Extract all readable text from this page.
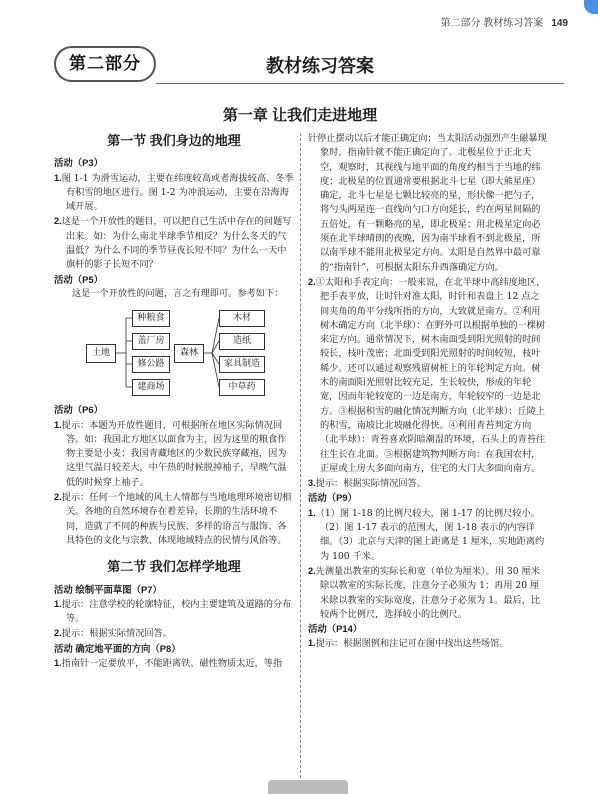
第二部分 教材练习答案 149
第二部分	教材练习答案
第一章 让我们走进地理
第一节 我们身边的地理

活动（P3）

1.图 1-1 为滑雪运动，主要在纬度较高或者海拔较高、冬季有积雪的地区进行。图 1-2 为冲浪运动，主要在沿海海域开展。

2.这是一个开放性的题目，可以把自己生活中存在的问题写出来。如：为什么南北半球季节相反？为什么冬天的气温低？为什么不同的季节昼夜长短不同？为什么一天中旗杆的影子长短不同？

活动（P5）

这是一个开放性的问题，言之有理即可。参考如下：

土地
种粮食
盖厂房
修公路
建商场
森林
木材
造纸
家具制造
中草药

活动（P6）

1.提示：本题为开放性题目，可根据所在地区实际情况回答。如：我国北方地区以面食为主，因为这里的粮食作物主要是小麦；我国青藏地区的少数民族穿藏袍，因为这里气温日较差大，中午热的时候脱掉袖子，早晚气温低的时候穿上袖子。

2.提示：任何一个地域的风土人情都与当地地理环境密切相关。各地的自然环境存在着差异，长期的生活环境不同，造就了不同的种族与民族、多样的语言与服饰、各具特色的文化与宗教、体现地域特点的民情与风俗等。

第二节 我们怎样学地理

活动 绘制平面草图（P7）

1.提示：注意学校的轮廓特征，校内主要建筑及道路的分布等。

2.提示：根据实际情况回答。

活动 确定地平面的方向（P8）

1.指南针一定要放平，不能距离铁、磁性物质太近，等指

针停止摆动以后才能正确定向；当太阳活动强烈产生磁暴现象时，指南针就不能正确定向了。北极星位于正北天空，观察时，其视线与地平面的角度约相当于当地的纬度；北极星的位置通常要根据北斗七星（即大熊星座）确定，北斗七星是七颗比较亮的星，形状像一把勺子，将勺头两星连一直线向勺口方向延长，约在两星间隔的五倍处，有一颗略亮的星，即北极星；用北极星定向必须在北半球晴朗的夜晚，因为南半球看不到北极星，所以南半球不能用北极星定方向。太阳是自然界中最可靠的“指南针”，可根据太阳东升西落确定方向。

2.①太阳和手表定向：一般来说，在北半球中高纬度地区，把手表平放，让时针对准太阳，时针和表盘上 12 点之间夹角的角平分线所指的方向，大致就是南方。②利用树木确定方向（北半球）：在野外可以根据单独的一棵树来定方向。通常情况下，树木南面受到阳光照射的时间较长，枝叶茂密；北面受到阳光照射的时间较短，枝叶稀少。还可以通过观察残留树桩上的年轮判定方向。树木的南面阳光照射比较充足，生长较快，形成的年轮宽，因而年轮较宽的一边是南方，年轮较窄的一边是北方。③根据积雪的融化情况判断方向（北半球）：丘陵上的积雪，南坡比北坡融化得快。④利用青苔判定方向（北半球）：青苔喜欢阴暗潮湿的环境，石头上的青苔往往生长在北面。⑤根据建筑物判断方向：在我国农村，正屋或上房大多面向南方，住宅的大门大多面向南方。

3.提示：根据实际情况回答。

活动（P9）

1.（1）图 1-18 的比例尺较大，图 1-17 的比例尺较小。（2）图 1-17 表示的范围大，图 1-18 表示的内容详细。（3）北京与天津的图上距离是 1 厘米，实地距离约为 100 千米。

2.先测量出教室的实际长和宽（单位为厘米）。用 30 厘米除以教室的实际长度，注意分子必须为 1；再用 20 厘米除以教室的实际宽度，注意分子必须为 1。最后，比较两个比例尺，选择较小的比例尺。

活动（P14）

1.提示：根据图例和注记可在图中找出这些场馆。
